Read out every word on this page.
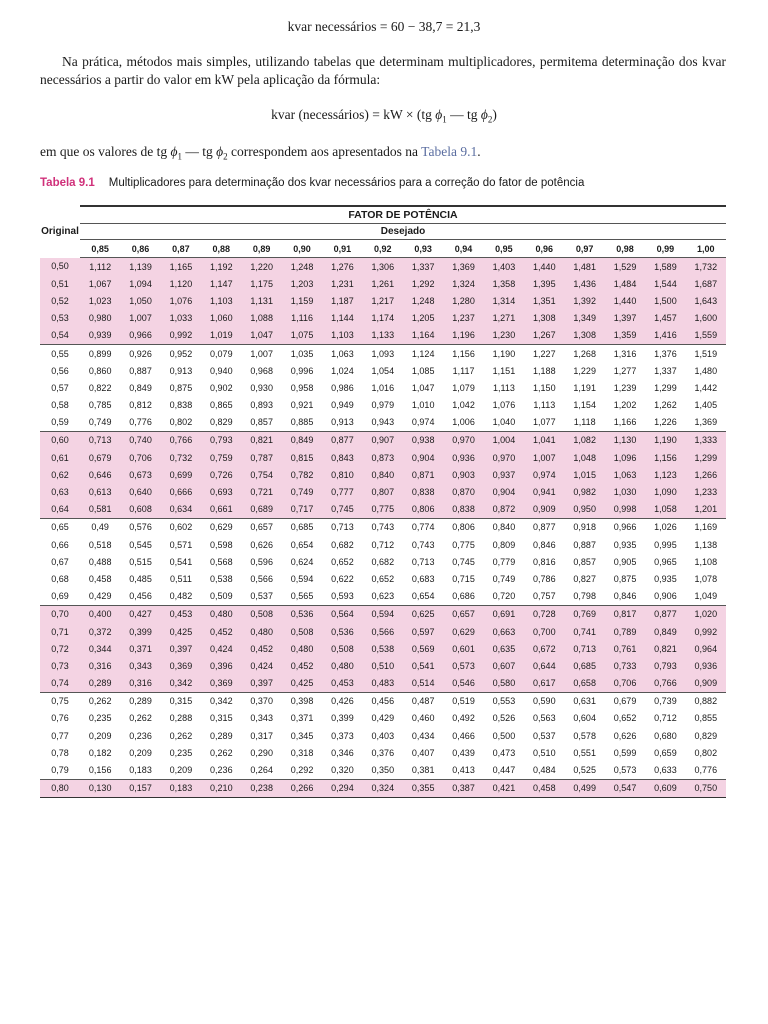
kvar necessários = 60 − 38,7 = 21,3
Na prática, métodos mais simples, utilizando tabelas que determinam multiplicadores, permitema determinação dos kvar necessários a partir do valor em kW pela aplicação da fórmula:
kvar (necessários) = kW × (tg $\phi_1$ — tg $\phi_2$)
em que os valores de tg $\phi_1$ — tg $\phi_2$ correspondem aos apresentados na Tabela 9.1.
Tabela 9.1 Multiplicadores para determinação dos kvar necessários para a correção do fator de potência
Original	FATOR DE POTÊNCIA															
	Desejado															
	0,85	0,86	0,87	0,88	0,89	0,90	0,91	0,92	0,93	0,94	0,95	0,96	0,97	0,98	0,99	1,00
0,50	1,112	1,139	1,165	1,192	1,220	1,248	1,276	1,306	1,337	1,369	1,403	1,440	1,481	1,529	1,589	1,732
0,51	1,067	1,094	1,120	1,147	1,175	1,203	1,231	1,261	1,292	1,324	1,358	1,395	1,436	1,484	1,544	1,687
0,52	1,023	1,050	1,076	1,103	1,131	1,159	1,187	1,217	1,248	1,280	1,314	1,351	1,392	1,440	1,500	1,643
0,53	0,980	1,007	1,033	1,060	1,088	1,116	1,144	1,174	1,205	1,237	1,271	1,308	1,349	1,397	1,457	1,600
0,54	0,939	0,966	0,992	1,019	1,047	1,075	1,103	1,133	1,164	1,196	1,230	1,267	1,308	1,359	1,416	1,559
0,55	0,899	0,926	0,952	0,079	1,007	1,035	1,063	1,093	1,124	1,156	1,190	1,227	1,268	1,316	1,376	1,519
0,56	0,860	0,887	0,913	0,940	0,968	0,996	1,024	1,054	1,085	1,117	1,151	1,188	1,229	1,277	1,337	1,480
0,57	0,822	0,849	0,875	0,902	0,930	0,958	0,986	1,016	1,047	1,079	1,113	1,150	1,191	1,239	1,299	1,442
0,58	0,785	0,812	0,838	0,865	0,893	0,921	0,949	0,979	1,010	1,042	1,076	1,113	1,154	1,202	1,262	1,405
0,59	0,749	0,776	0,802	0,829	0,857	0,885	0,913	0,943	0,974	1,006	1,040	1,077	1,118	1,166	1,226	1,369
0,60	0,713	0,740	0,766	0,793	0,821	0,849	0,877	0,907	0,938	0,970	1,004	1,041	1,082	1,130	1,190	1,333
0,61	0,679	0,706	0,732	0,759	0,787	0,815	0,843	0,873	0,904	0,936	0,970	1,007	1,048	1,096	1,156	1,299
0,62	0,646	0,673	0,699	0,726	0,754	0,782	0,810	0,840	0,871	0,903	0,937	0,974	1,015	1,063	1,123	1,266
0,63	0,613	0,640	0,666	0,693	0,721	0,749	0,777	0,807	0,838	0,870	0,904	0,941	0,982	1,030	1,090	1,233
0,64	0,581	0,608	0,634	0,661	0,689	0,717	0,745	0,775	0,806	0,838	0,872	0,909	0,950	0,998	1,058	1,201
0,65	0,49	0,576	0,602	0,629	0,657	0,685	0,713	0,743	0,774	0,806	0,840	0,877	0,918	0,966	1,026	1,169
0,66	0,518	0,545	0,571	0,598	0,626	0,654	0,682	0,712	0,743	0,775	0,809	0,846	0,887	0,935	0,995	1,138
0,67	0,488	0,515	0,541	0,568	0,596	0,624	0,652	0,682	0,713	0,745	0,779	0,816	0,857	0,905	0,965	1,108
0,68	0,458	0,485	0,511	0,538	0,566	0,594	0,622	0,652	0,683	0,715	0,749	0,786	0,827	0,875	0,935	1,078
0,69	0,429	0,456	0,482	0,509	0,537	0,565	0,593	0,623	0,654	0,686	0,720	0,757	0,798	0,846	0,906	1,049
0,70	0,400	0,427	0,453	0,480	0,508	0,536	0,564	0,594	0,625	0,657	0,691	0,728	0,769	0,817	0,877	1,020
0,71	0,372	0,399	0,425	0,452	0,480	0,508	0,536	0,566	0,597	0,629	0,663	0,700	0,741	0,789	0,849	0,992
0,72	0,344	0,371	0,397	0,424	0,452	0,480	0,508	0,538	0,569	0,601	0,635	0,672	0,713	0,761	0,821	0,964
0,73	0,316	0,343	0,369	0,396	0,424	0,452	0,480	0,510	0,541	0,573	0,607	0,644	0,685	0,733	0,793	0,936
0,74	0,289	0,316	0,342	0,369	0,397	0,425	0,453	0,483	0,514	0,546	0,580	0,617	0,658	0,706	0,766	0,909
0,75	0,262	0,289	0,315	0,342	0,370	0,398	0,426	0,456	0,487	0,519	0,553	0,590	0,631	0,679	0,739	0,882
0,76	0,235	0,262	0,288	0,315	0,343	0,371	0,399	0,429	0,460	0,492	0,526	0,563	0,604	0,652	0,712	0,855
0,77	0,209	0,236	0,262	0,289	0,317	0,345	0,373	0,403	0,434	0,466	0,500	0,537	0,578	0,626	0,680	0,829
0,78	0,182	0,209	0,235	0,262	0,290	0,318	0,346	0,376	0,407	0,439	0,473	0,510	0,551	0,599	0,659	0,802
0,79	0,156	0,183	0,209	0,236	0,264	0,292	0,320	0,350	0,381	0,413	0,447	0,484	0,525	0,573	0,633	0,776
0,80	0,130	0,157	0,183	0,210	0,238	0,266	0,294	0,324	0,355	0,387	0,421	0,458	0,499	0,547	0,609	0,750
